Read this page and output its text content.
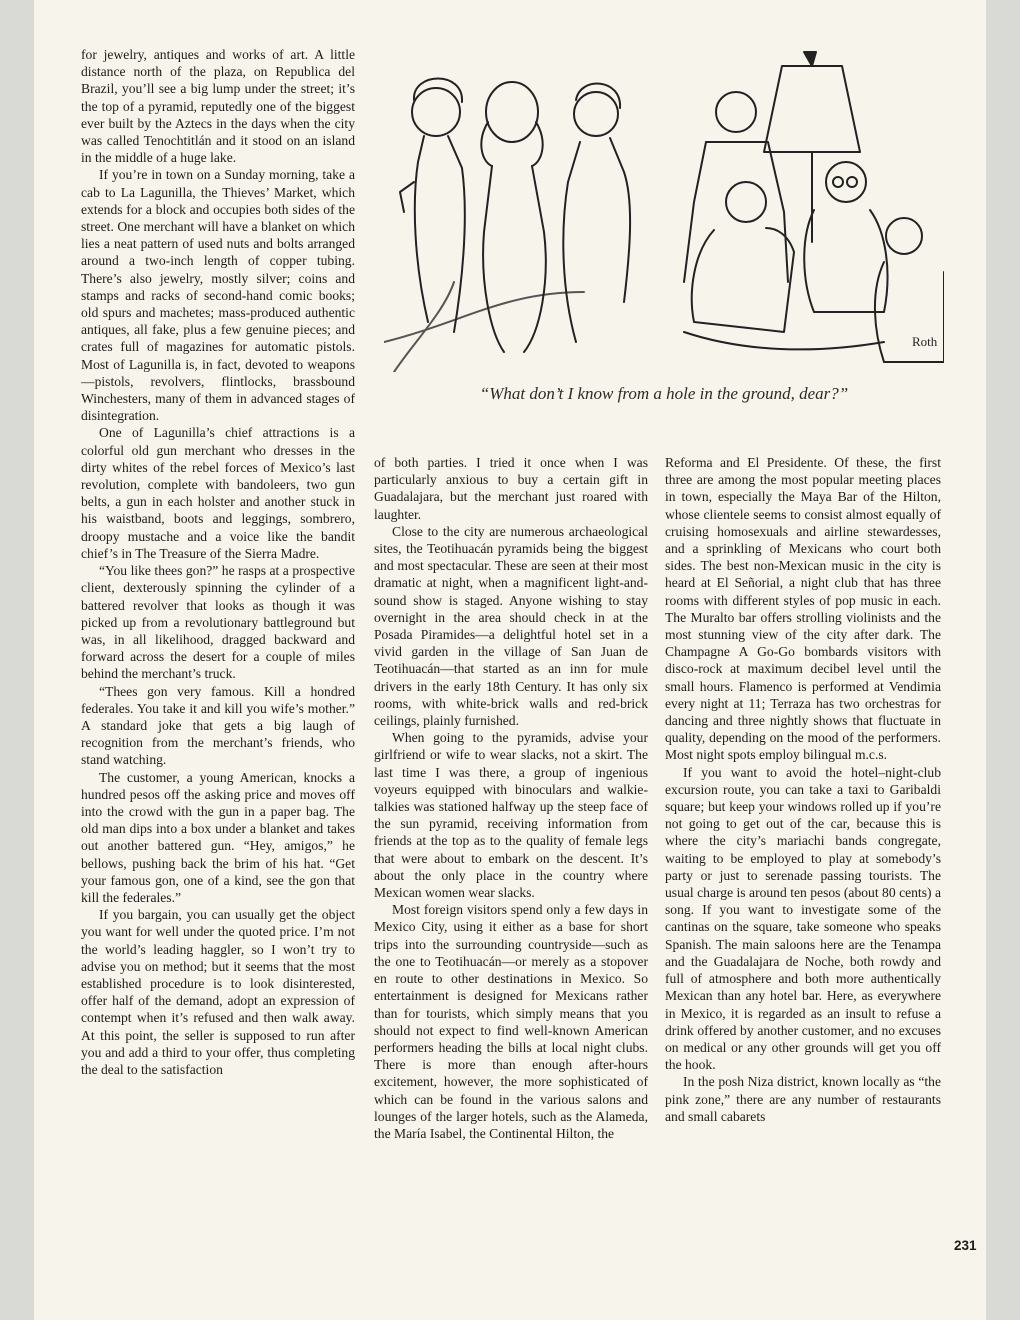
for jewelry, antiques and works of art. A little distance north of the plaza, on Republica del Brazil, you’ll see a big lump under the street; it’s the top of a pyramid, reputedly one of the biggest ever built by the Aztecs in the days when the city was called Tenochtitlán and it stood on an island in the middle of a huge lake.

If you’re in town on a Sunday morning, take a cab to La Lagunilla, the Thieves’ Market, which extends for a block and occupies both sides of the street. One merchant will have a blanket on which lies a neat pattern of used nuts and bolts arranged around a two-inch length of copper tubing. There’s also jewelry, mostly silver; coins and stamps and racks of second-hand comic books; old spurs and machetes; mass-produced authentic antiques, all fake, plus a few genuine pieces; and crates full of magazines for automatic pistols. Most of Lagunilla is, in fact, devoted to weapons—pistols, revolvers, flintlocks, brassbound Winchesters, many of them in advanced stages of disintegration.

One of Lagunilla’s chief attractions is a colorful old gun merchant who dresses in the dirty whites of the rebel forces of Mexico’s last revolution, complete with bandoleers, two gun belts, a gun in each holster and another stuck in his waistband, boots and leggings, sombrero, droopy mustache and a voice like the bandit chief’s in The Treasure of the Sierra Madre.

“You like thees gon?” he rasps at a prospective client, dexterously spinning the cylinder of a battered revolver that looks as though it was picked up from a revolutionary battleground but was, in all likelihood, dragged backward and forward across the desert for a couple of miles behind the merchant’s truck.

“Thees gon very famous. Kill a hondred federales. You take it and kill you wife’s mother.” A standard joke that gets a big laugh of recognition from the merchant’s friends, who stand watching.

The customer, a young American, knocks a hundred pesos off the asking price and moves off into the crowd with the gun in a paper bag. The old man dips into a box under a blanket and takes out another battered gun. “Hey, amigos,” he bellows, pushing back the brim of his hat. “Get your famous gon, one of a kind, see the gon that kill the federales.”

If you bargain, you can usually get the object you want for well under the quoted price. I’m not the world’s leading haggler, so I won’t try to advise you on method; but it seems that the most established procedure is to look disinterested, offer half of the demand, adopt an expression of contempt when it’s refused and then walk away. At this point, the seller is supposed to run after you and add a third to your offer, thus completing the deal to the satisfaction

Roth
“What don’t I know from a hole in the ground, dear?”

of both parties. I tried it once when I was particularly anxious to buy a certain gift in Guadalajara, but the merchant just roared with laughter.

Close to the city are numerous archaeological sites, the Teotihuacán pyramids being the biggest and most spectacular. These are seen at their most dramatic at night, when a magnificent light-and-sound show is staged. Anyone wishing to stay overnight in the area should check in at the Posada Piramides—a delightful hotel set in a vivid garden in the village of San Juan de Teotihuacán—that started as an inn for mule drivers in the early 18th Century. It has only six rooms, with white-brick walls and red-brick ceilings, plainly furnished.

When going to the pyramids, advise your girlfriend or wife to wear slacks, not a skirt. The last time I was there, a group of ingenious voyeurs equipped with binoculars and walkie-talkies was stationed halfway up the steep face of the sun pyramid, receiving information from friends at the top as to the quality of female legs that were about to embark on the descent. It’s about the only place in the country where Mexican women wear slacks.

Most foreign visitors spend only a few days in Mexico City, using it either as a base for short trips into the surrounding countryside—such as the one to Teotihuacán—or merely as a stopover en route to other destinations in Mexico. So entertainment is designed for Mexicans rather than for tourists, which simply means that you should not expect to find well-known American performers heading the bills at local night clubs. There is more than enough after-hours excitement, however, the more sophisticated of which can be found in the various salons and lounges of the larger hotels, such as the Alameda, the María Isabel, the Continental Hilton, the

Reforma and El Presidente. Of these, the first three are among the most popular meeting places in town, especially the Maya Bar of the Hilton, whose clientele seems to consist almost equally of cruising homosexuals and airline stewardesses, and a sprinkling of Mexicans who court both sides. The best non-Mexican music in the city is heard at El Señorial, a night club that has three rooms with different styles of pop music in each. The Muralto bar offers strolling violinists and the most stunning view of the city after dark. The Champagne A Go-Go bombards visitors with disco-rock at maximum decibel level until the small hours. Flamenco is performed at Vendimia every night at 11; Terraza has two orchestras for dancing and three nightly shows that fluctuate in quality, depending on the mood of the performers. Most night spots employ bilingual m.c.s.

If you want to avoid the hotel–night-club excursion route, you can take a taxi to Garibaldi square; but keep your windows rolled up if you’re not going to get out of the car, because this is where the city’s mariachi bands congregate, waiting to be employed to play at somebody’s party or just to serenade passing tourists. The usual charge is around ten pesos (about 80 cents) a song. If you want to investigate some of the cantinas on the square, take someone who speaks Spanish. The main saloons here are the Tenampa and the Guadalajara de Noche, both rowdy and full of atmosphere and both more authentically Mexican than any hotel bar. Here, as everywhere in Mexico, it is regarded as an insult to refuse a drink offered by another customer, and no excuses on medical or any other grounds will get you off the hook.

In the posh Niza district, known locally as “the pink zone,” there are any number of restaurants and small cabarets

231
